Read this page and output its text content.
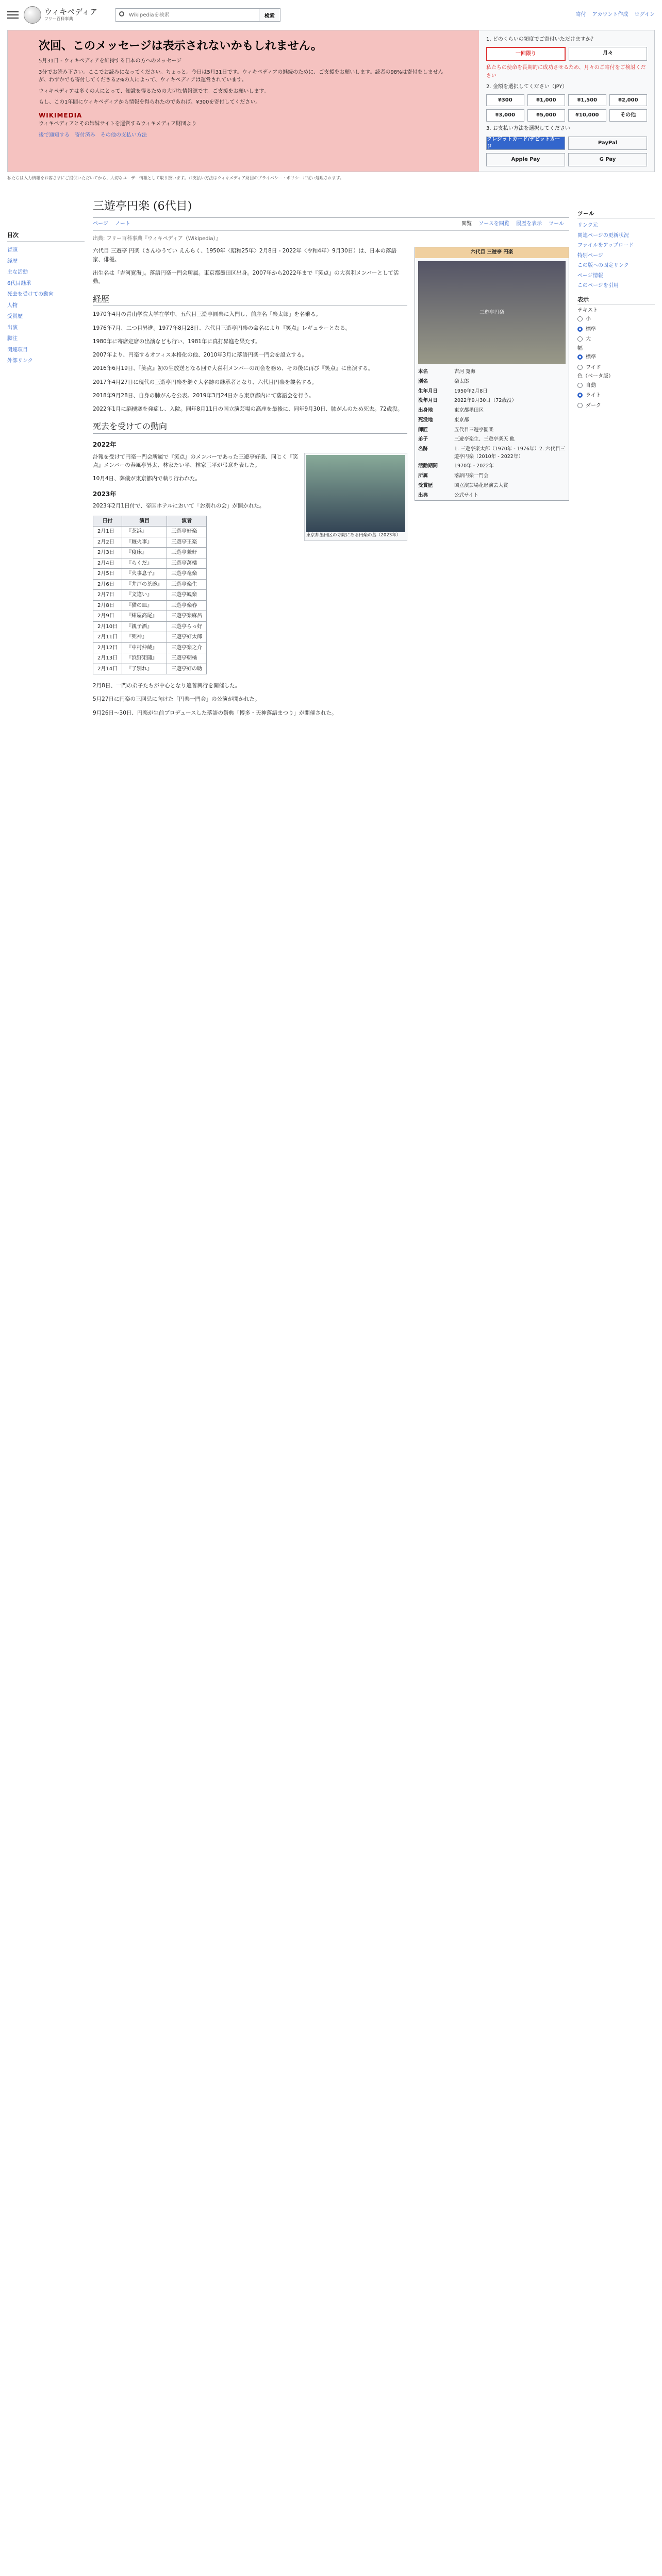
ウィキペディア
フリー百科事典
Wikipediaを検索
検索	寄付 アカウント作成 ログイン
次回、このメッセージは表示されないかもしれません。

5月31日 - ウィキペディアを維持する日本の方へのメッセージ

3分でお読み下さい。ここでお読みになってください。ちょっと。今日は5月31日です。ウィキペディアの継続のために、ご支援をお願いします。読者の98%は寄付をしませんが、わずかでも寄付してくださる2%の人によって、ウィキペディアは運営されています。

ウィキペディアは多くの人にとって、知識を得るための大切な情報源です。ご支援をお願いします。

もし、この1年間にウィキペディアから情報を得られたのであれば、¥300を寄付してください。

WIKIMEDIA

ウィキペディアとその姉妹サイトを運営するウィキメディア財団より

後で通知する　寄付済み　その他の支払い方法

1. どのくらいの頻度でご寄付いただけますか？
一回限り	月々
私たちの使命を長期的に成功させるため、月々のご寄付をご検討ください
2. 金額を選択してください（JPY）
¥300	¥1,000	¥1,500	¥2,000
¥3,000	¥5,000	¥10,000	その他
3. お支払い方法を選択してください
クレジットカード/デビットカード
PayPal
Apple Pay	G Pay
私たちは入力情報をお客さまにご提供いただいてから、大切なユーザー情報として取り扱います。お支払い方法はウィキメディア財団のプライバシー・ポリシーに従い処理されます。
目次
冒頭
経歴
主な活動
6代目継承
死去を受けての動向
人物
受賞歴
出演
脚注
関連項目
外部リンク
三遊亭円楽 (6代目)
ページ ノート	閲覧 ソースを閲覧 履歴を表示 ツール
出典: フリー百科事典『ウィキペディア（Wikipedia）』

六代目 三遊亭 円楽（さんゆうてい えんらく、1950年〈昭和25年〉2月8日 - 2022年〈令和4年〉9月30日）は、日本の落語家、俳優。

出生名は「吉河寛海」。落語円楽一門会所属。東京都墨田区出身。2007年から2022年まで『笑点』の大喜利メンバーとして活動。

経歴

1970年4月の青山学院大学在学中、五代目三遊亭圓楽に入門し、前座名「楽太郎」を名乗る。

1976年7月、二つ目昇進。1977年8月28日、六代目三遊亭円楽の命名により『笑点』レギュラーとなる。

1980年に寄席定席の出演なども行い、1981年に真打昇進を果たす。

2007年より、円楽するオフィス本格化の他、2010年3月に落語円楽一門会を設立する。

2016年6月19日、『笑点』初の生放送となる回で大喜利メンバーの司会を務め、その後に再び『笑点』に出演する。

2017年4月27日に現代の三遊亭円楽を継ぐ大名跡の継承者となり、六代目円楽を襲名する。

2018年9月28日、自身の肺がんを公表。2019年3月24日から東京都内にて落語会を行う。

2022年1月に脳梗塞を発症し、入院。同年8月11日の国立演芸場の高座を最後に、同年9月30日、肺がんのため死去。72歳没。

死去を受けての動向
2022年
東京都墨田区の寺院にある円楽の墓（2023年）

訃報を受けて円楽一門会所属で『笑点』のメンバーであった三遊亭好楽、同じく『笑点』メンバーの春風亭昇太、林家たい平、林家三平が弔意を表した。

10月4日、葬儀が東京都内で執り行われた。

2023年

2023年2月1日付で、帝国ホテルにおいて「お別れの会」が開かれた。

日付	演目	演者
2月1日	『芝浜』	三遊亭好楽
2月2日	『厩火事』	三遊亭王楽
2月3日	『寝床』	三遊亭兼好
2月4日	『らくだ』	三遊亭萬橘
2月5日	『火事息子』	三遊亭竜楽
2月6日	『井戸の茶碗』	三遊亭楽生
2月7日	『文違い』	三遊亭鳳楽
2月8日	『猫の皿』	三遊亭楽春
2月9日	『紺屋高尾』	三遊亭楽麻呂
2月10日	『親子酒』	三遊亭らっ好
2月11日	『死神』	三遊亭好太郎
2月12日	『中村仲蔵』	三遊亭楽之介
2月13日	『浜野矩随』	三遊亭朝橘
2月14日	『子別れ』	三遊亭好の助

2月8日、一門の弟子たちが中心となり追善興行を開催した。

5月27日に円楽の三回忌に向けた「円楽一門会」の公演が開かれた。

9月26日〜30日、円楽が生前プロデュースした落語の祭典「博多・天神落語まつり」が開催された。

六代目 三遊亭 円楽
三遊亭円楽
本名	吉河 寛海
別名	楽太郎
生年月日	1950年2月8日
没年月日	2022年9月30日（72歳没）
出身地	東京都墨田区
死没地	東京都
師匠	五代目三遊亭圓楽
弟子	三遊亭楽生、三遊亭楽天 他
名跡	1. 三遊亭楽太郎（1970年 - 1976年）2. 六代目三遊亭円楽（2010年 - 2022年）
活動期間	1970年 - 2022年
所属	落語円楽一門会
受賞歴	国立演芸場花形演芸大賞
出典	公式サイト
ツール
リンク元
関連ページの更新状況
ファイルをアップロード
特別ページ
この版への固定リンク
ページ情報
このページを引用
表示
テキスト
小
標準
大
幅
標準
ワイド
色（ベータ版）
自動
ライト
ダーク
